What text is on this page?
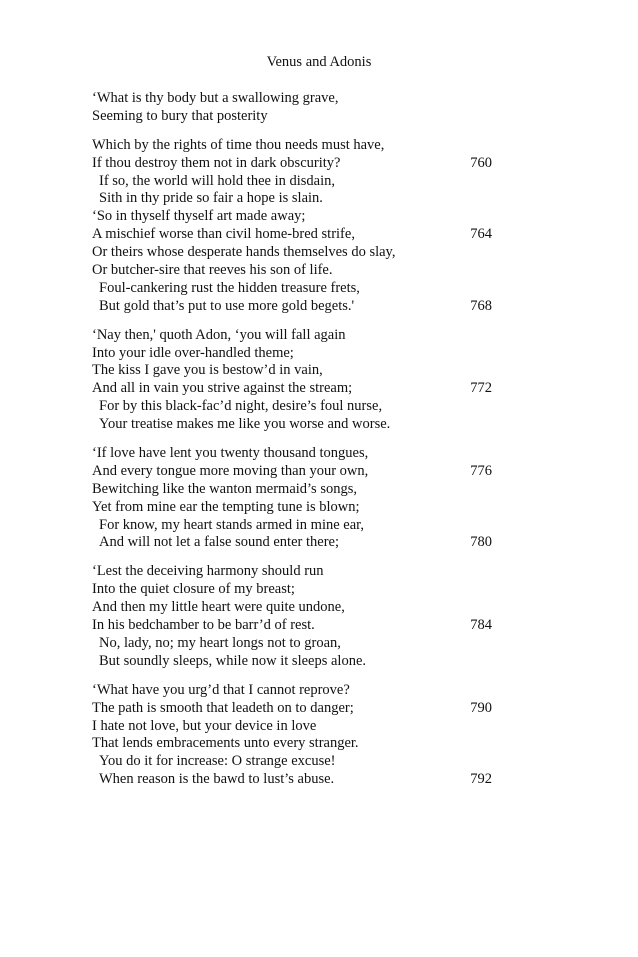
Venus and Adonis
‘What is thy body but a swallowing grave,
Seeming to bury that posterity
Which by the rights of time thou needs must have,
If thou destroy them not in dark obscurity?	760
If so, the world will hold thee in disdain,
Sith in thy pride so fair a hope is slain.
‘So in thyself thyself art made away;
A mischief worse than civil home-bred strife,	764
Or theirs whose desperate hands themselves do slay,
Or butcher-sire that reeves his son of life.
Foul-cankering rust the hidden treasure frets,
But gold that’s put to use more gold begets.'	768
‘Nay then,' quoth Adon, ‘you will fall again
Into your idle over-handled theme;
The kiss I gave you is bestow’d in vain,
And all in vain you strive against the stream;	772
For by this black-fac’d night, desire’s foul nurse,
Your treatise makes me like you worse and worse.
‘If love have lent you twenty thousand tongues,
And every tongue more moving than your own,	776
Bewitching like the wanton mermaid’s songs,
Yet from mine ear the tempting tune is blown;
For know, my heart stands armed in mine ear,
And will not let a false sound enter there;	780
‘Lest the deceiving harmony should run
Into the quiet closure of my breast;
And then my little heart were quite undone,
In his bedchamber to be barr’d of rest.	784
No, lady, no; my heart longs not to groan,
But soundly sleeps, while now it sleeps alone.
‘What have you urg’d that I cannot reprove?
The path is smooth that leadeth on to danger;	790
I hate not love, but your device in love
That lends embracements unto every stranger.
You do it for increase: O strange excuse!
When reason is the bawd to lust’s abuse.	792
